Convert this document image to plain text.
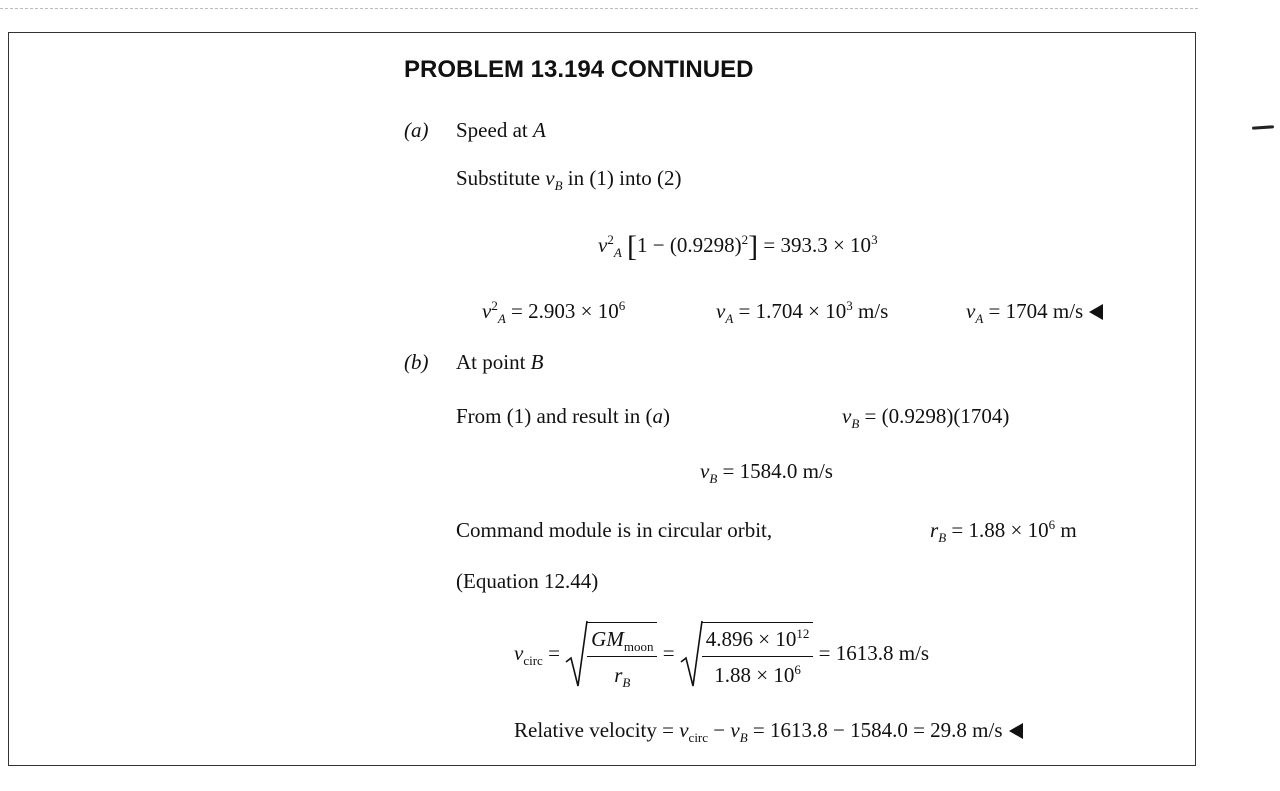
PROBLEM 13.194 CONTINUED
(a) Speed at A
Substitute $v_B$ in (1) into (2)
$v^2_A$ $[1 - (0.9298)^2] = 393.3 \times 10^3$
$v^2_A = 2.903 \times 10^6$	$v_A = 1.704 \times 10^3$ m/s	$v_A = 1704$ m/s
(b) At point B
From (1) and result in (a)	$v_B = (0.9298)(1704)$
$v_B = 1584.0$ m/s
Command module is in circular orbit,	$r_B = 1.88 \times 10^6$ m
(Equation 12.44)
$v_{circ} = \frac{GM_{moon}}{r_B} = \frac{4.896 \times 10^{12}}{1.88 \times 10^6} = 1613.8$ m/s
Relative velocity = $v_{circ} - v_B = 1613.8 - 1584.0 = 29.8$ m/s
